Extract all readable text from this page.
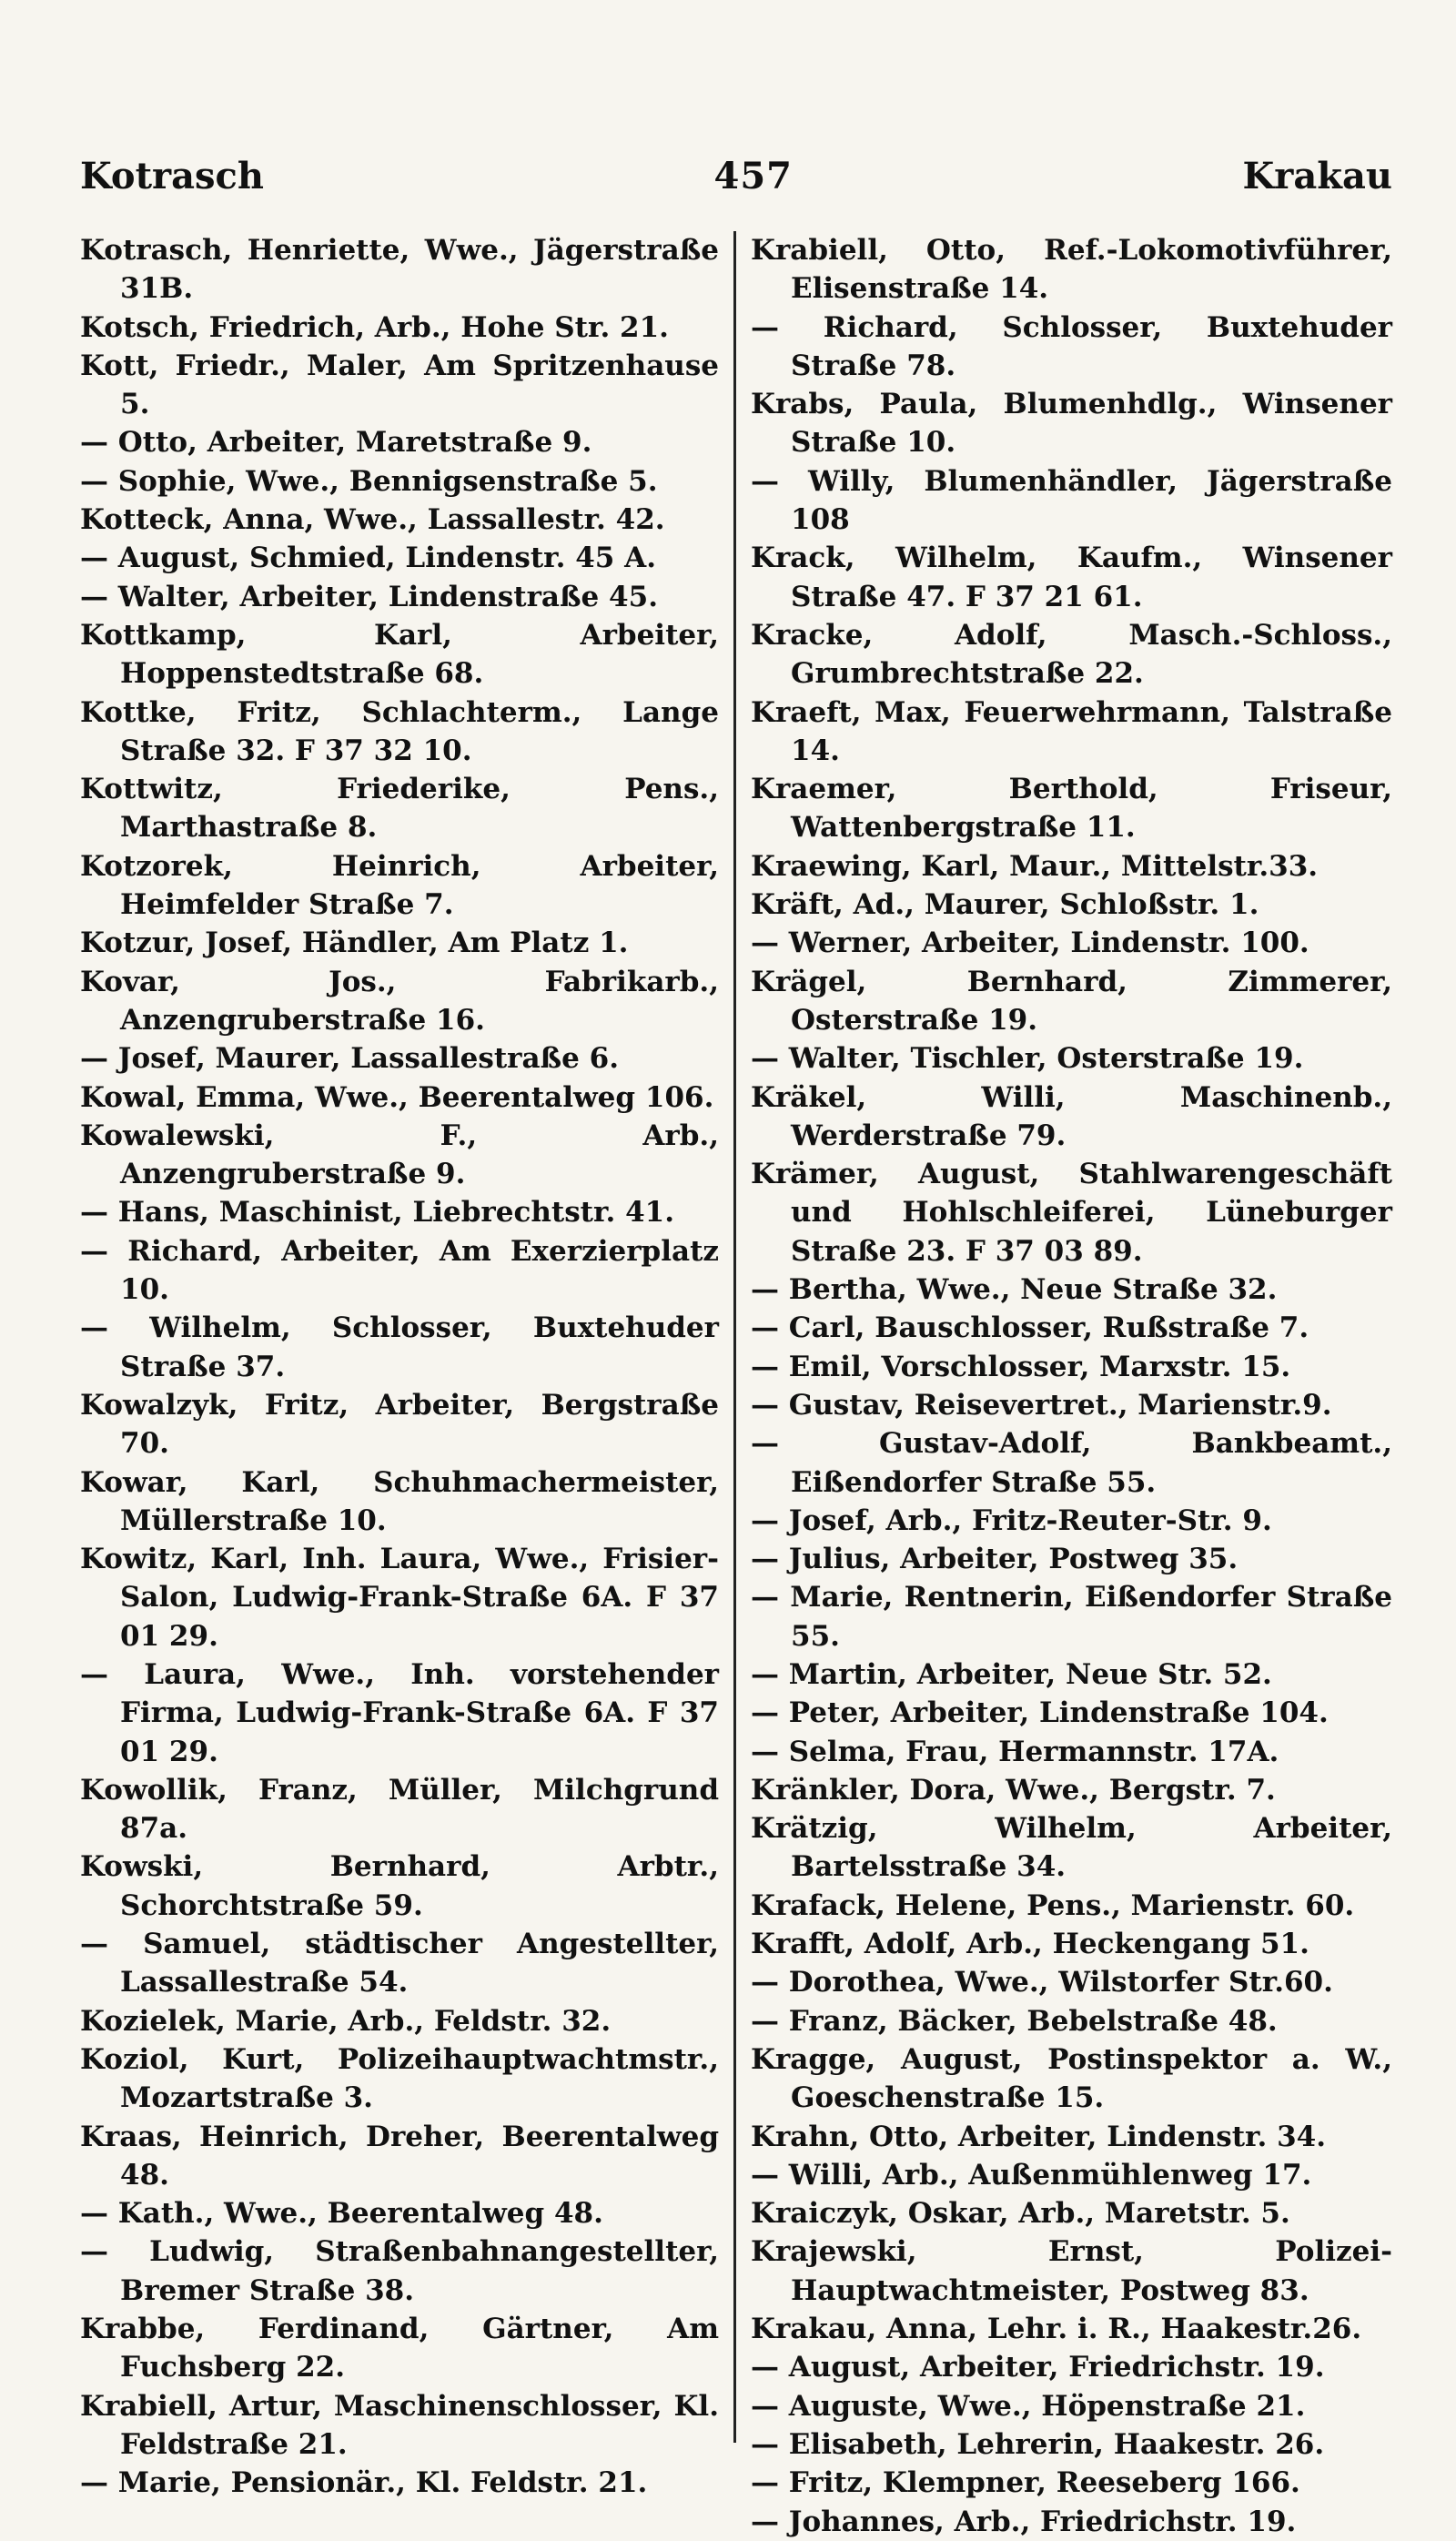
Kotrasch	457	Krakau

Kotrasch, Henriette, Wwe., Jägerstraße 31B.

Kotsch, Friedrich, Arb., Hohe Str. 21.

Kott, Friedr., Maler, Am Spritzenhause 5.

— Otto, Arbeiter, Maretstraße 9.

— Sophie, Wwe., Bennigsenstraße 5.

Kotteck, Anna, Wwe., Lassallestr. 42.

— August, Schmied, Lindenstr. 45 A.

— Walter, Arbeiter, Lindenstraße 45.

Kottkamp, Karl, Arbeiter, Hoppenstedtstraße 68.

Kottke, Fritz, Schlachterm., Lange Straße 32. F 37 32 10.

Kottwitz, Friederike, Pens., Marthastraße 8.

Kotzorek, Heinrich, Arbeiter, Heimfelder Straße 7.

Kotzur, Josef, Händler, Am Platz 1.

Kovar, Jos., Fabrikarb., Anzengruberstraße 16.

— Josef, Maurer, Lassallestraße 6.

Kowal, Emma, Wwe., Beerentalweg 106.

Kowalewski, F., Arb., Anzengruberstraße 9.

— Hans, Maschinist, Liebrechtstr. 41.

— Richard, Arbeiter, Am Exerzierplatz 10.

— Wilhelm, Schlosser, Buxtehuder Straße 37.

Kowalzyk, Fritz, Arbeiter, Bergstraße 70.

Kowar, Karl, Schuhmachermeister, Müllerstraße 10.

Kowitz, Karl, Inh. Laura, Wwe., Frisier-Salon, Ludwig-Frank-Straße 6A. F 37 01 29.

— Laura, Wwe., Inh. vorstehender Firma, Ludwig-Frank-Straße 6A. F 37 01 29.

Kowollik, Franz, Müller, Milchgrund 87a.

Kowski, Bernhard, Arbtr., Schorchtstraße 59.

— Samuel, städtischer Angestellter, Lassallestraße 54.

Kozielek, Marie, Arb., Feldstr. 32.

Koziol, Kurt, Polizeihauptwachtmstr., Mozartstraße 3.

Kraas, Heinrich, Dreher, Beerentalweg 48.

— Kath., Wwe., Beerentalweg 48.

— Ludwig, Straßenbahnangestellter, Bremer Straße 38.

Krabbe, Ferdinand, Gärtner, Am Fuchsberg 22.

Krabiell, Artur, Maschinenschlosser, Kl. Feldstraße 21.

— Marie, Pensionär., Kl. Feldstr. 21.

Krabiell, Otto, Ref.-Lokomotivführer, Elisenstraße 14.

— Richard, Schlosser, Buxtehuder Straße 78.

Krabs, Paula, Blumenhdlg., Winsener Straße 10.

— Willy, Blumenhändler, Jägerstraße 108

Krack, Wilhelm, Kaufm., Winsener Straße 47. F 37 21 61.

Kracke, Adolf, Masch.-Schloss., Grumbrechtstraße 22.

Kraeft, Max, Feuerwehrmann, Talstraße 14.

Kraemer, Berthold, Friseur, Wattenbergstraße 11.

Kraewing, Karl, Maur., Mittelstr.33.

Kräft, Ad., Maurer, Schloßstr. 1.

— Werner, Arbeiter, Lindenstr. 100.

Krägel, Bernhard, Zimmerer, Osterstraße 19.

— Walter, Tischler, Osterstraße 19.

Kräkel, Willi, Maschinenb., Werderstraße 79.

Krämer, August, Stahlwarengeschäft und Hohlschleiferei, Lüneburger Straße 23. F 37 03 89.

— Bertha, Wwe., Neue Straße 32.

— Carl, Bauschlosser, Rußstraße 7.

— Emil, Vorschlosser, Marxstr. 15.

— Gustav, Reisevertret., Marienstr.9.

— Gustav-Adolf, Bankbeamt., Eißendorfer Straße 55.

— Josef, Arb., Fritz-Reuter-Str. 9.

— Julius, Arbeiter, Postweg 35.

— Marie, Rentnerin, Eißendorfer Straße 55.

— Martin, Arbeiter, Neue Str. 52.

— Peter, Arbeiter, Lindenstraße 104.

— Selma, Frau, Hermannstr. 17A.

Kränkler, Dora, Wwe., Bergstr. 7.

Krätzig, Wilhelm, Arbeiter, Bartelsstraße 34.

Krafack, Helene, Pens., Marienstr. 60.

Krafft, Adolf, Arb., Heckengang 51.

— Dorothea, Wwe., Wilstorfer Str.60.

— Franz, Bäcker, Bebelstraße 48.

Kragge, August, Postinspektor a. W., Goeschenstraße 15.

Krahn, Otto, Arbeiter, Lindenstr. 34.

— Willi, Arb., Außenmühlenweg 17.

Kraiczyk, Oskar, Arb., Maretstr. 5.

Krajewski, Ernst, Polizei-Hauptwachtmeister, Postweg 83.

Krakau, Anna, Lehr. i. R., Haakestr.26.

— August, Arbeiter, Friedrichstr. 19.

— Auguste, Wwe., Höpenstraße 21.

— Elisabeth, Lehrerin, Haakestr. 26.

— Fritz, Klempner, Reeseberg 166.

— Johannes, Arb., Friedrichstr. 19.
